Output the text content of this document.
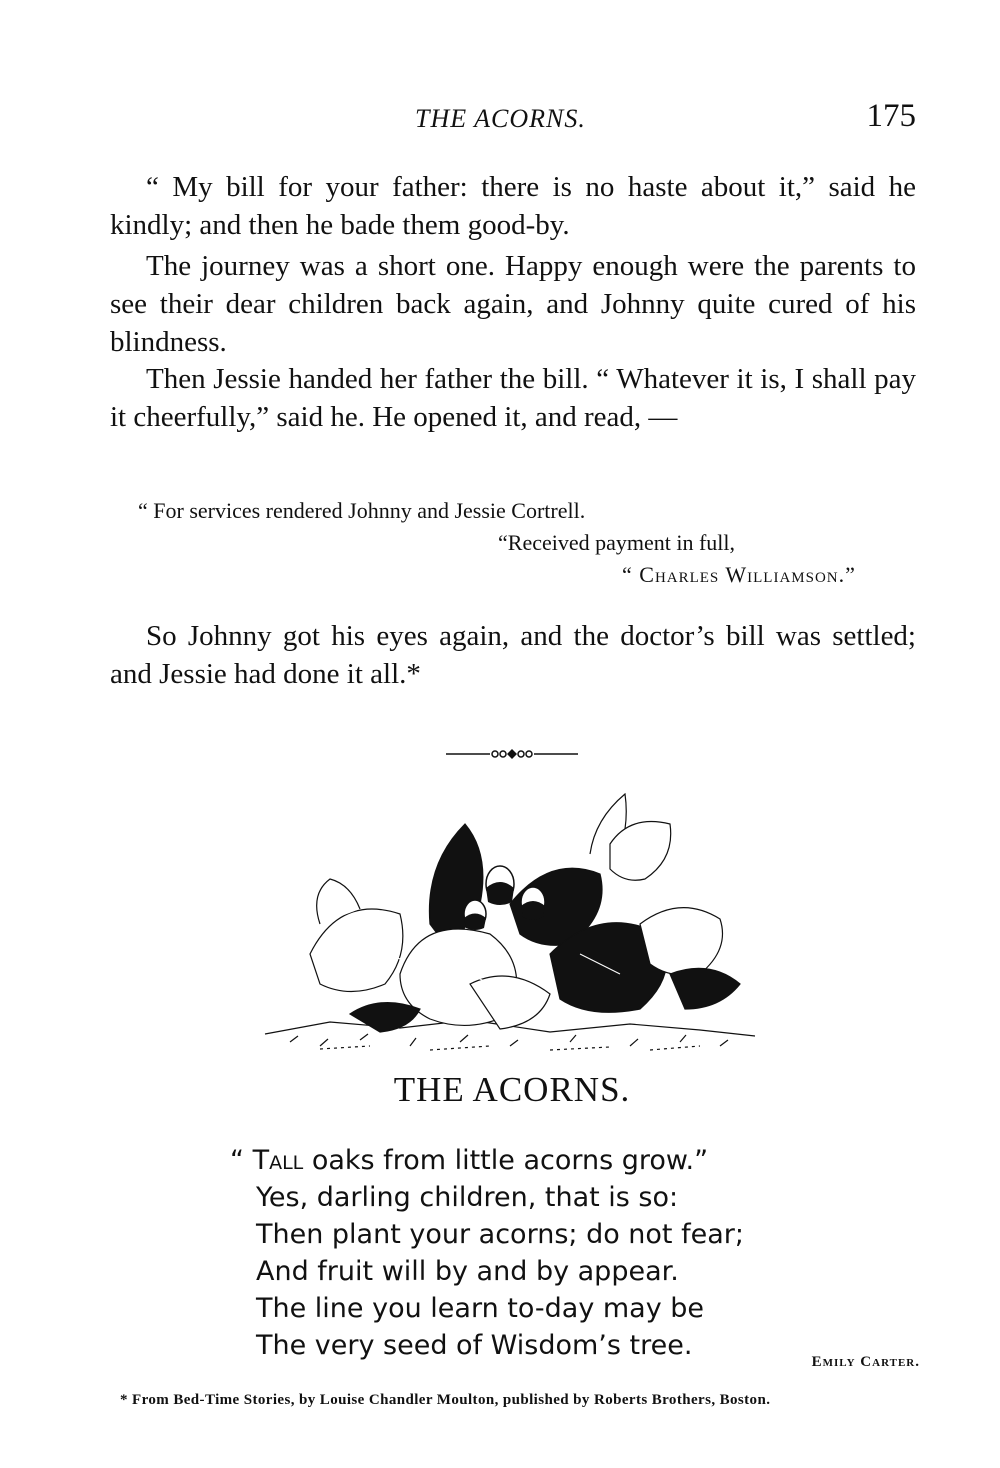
THE ACORNS.	175

“ My bill for your father: there is no haste about it,” said he kindly; and then he bade them good-by.

The journey was a short one. Happy enough were the parents to see their dear children back again, and Johnny quite cured of his blindness.

Then Jessie handed her father the bill. “ Whatever it is, I shall pay it cheerfully,” said he. He opened it, and read, —

“ For services rendered Johnny and Jessie Cortrell.
“Received payment in full,
“ Charles Williamson.”

So Johnny got his eyes again, and the doctor’s bill was settled; and Jessie had done it all.*

THE ACORNS.
“ Tall oaks from little acorns grow.”
Yes, darling children, that is so:
Then plant your acorns; do not fear;
And fruit will by and by appear.
The line you learn to-day may be
The very seed of Wisdom’s tree.
Emily Carter.
* From Bed-Time Stories, by Louise Chandler Moulton, published by Roberts Brothers, Boston.
